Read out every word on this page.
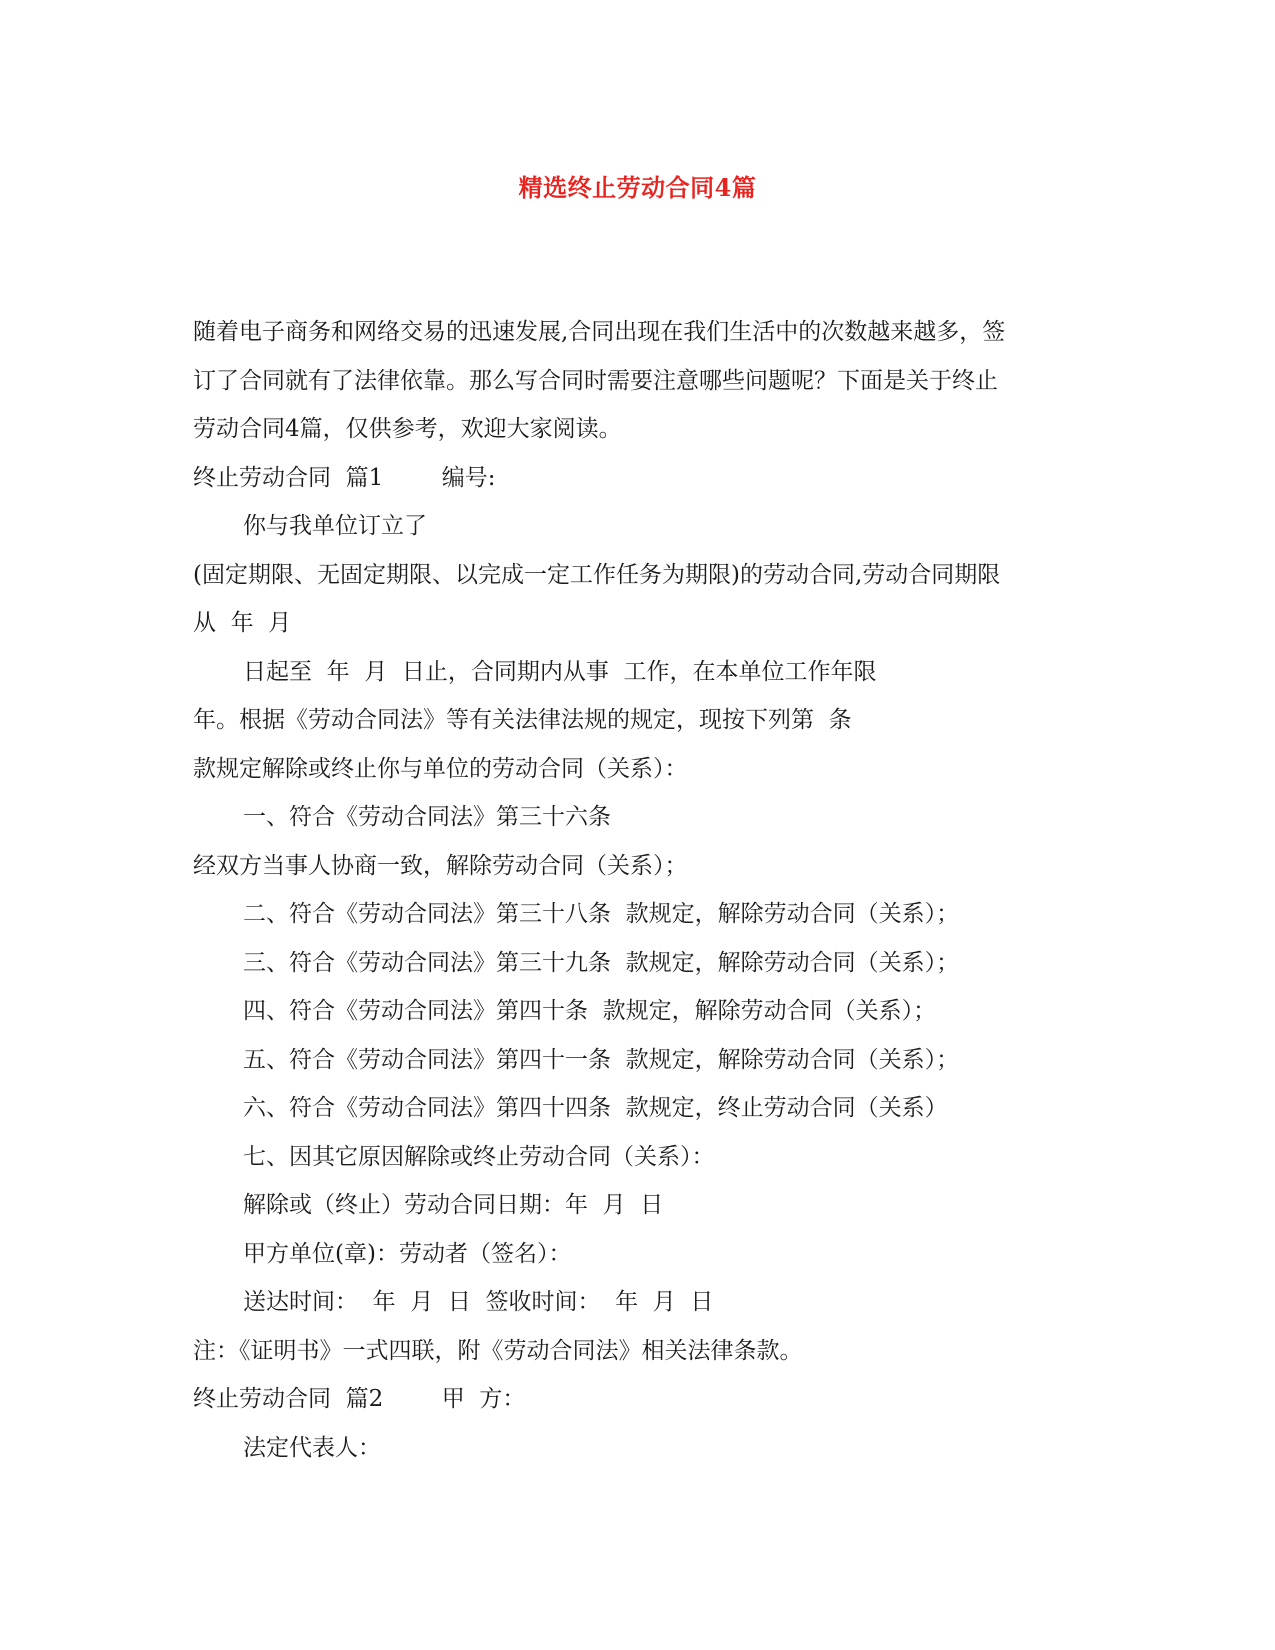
精选终止劳动合同4篇
随着电子商务和网络交易的迅速发展,合同出现在我们生活中的次数越来越多，签
订了合同就有了法律依靠。那么写合同时需要注意哪些问题呢？下面是关于终止
劳动合同4篇，仅供参考，欢迎大家阅读。
终止劳动合同  篇1        编号:
你与我单位订立了
(固定期限、无固定期限、以完成一定工作任务为期限)的劳动合同,劳动合同期限
从  年  月
日起至  年  月  日止，合同期内从事  工作，在本单位工作年限
年。根据《劳动合同法》等有关法律法规的规定，现按下列第  条
款规定解除或终止你与单位的劳动合同（关系）：
一、符合《劳动合同法》第三十六条
经双方当事人协商一致，解除劳动合同（关系）；
二、符合《劳动合同法》第三十八条  款规定，解除劳动合同（关系）；
三、符合《劳动合同法》第三十九条  款规定，解除劳动合同（关系）；
四、符合《劳动合同法》第四十条  款规定，解除劳动合同（关系）；
五、符合《劳动合同法》第四十一条  款规定，解除劳动合同（关系）；
六、符合《劳动合同法》第四十四条  款规定，终止劳动合同（关系）
七、因其它原因解除或终止劳动合同（关系）：
解除或（终止）劳动合同日期：年  月  日
甲方单位(章)：劳动者（签名）：
送达时间：  年  月  日  签收时间：  年  月  日
注：《证明书》一式四联，附《劳动合同法》相关法律条款。
终止劳动合同  篇2        甲  方：
法定代表人：
